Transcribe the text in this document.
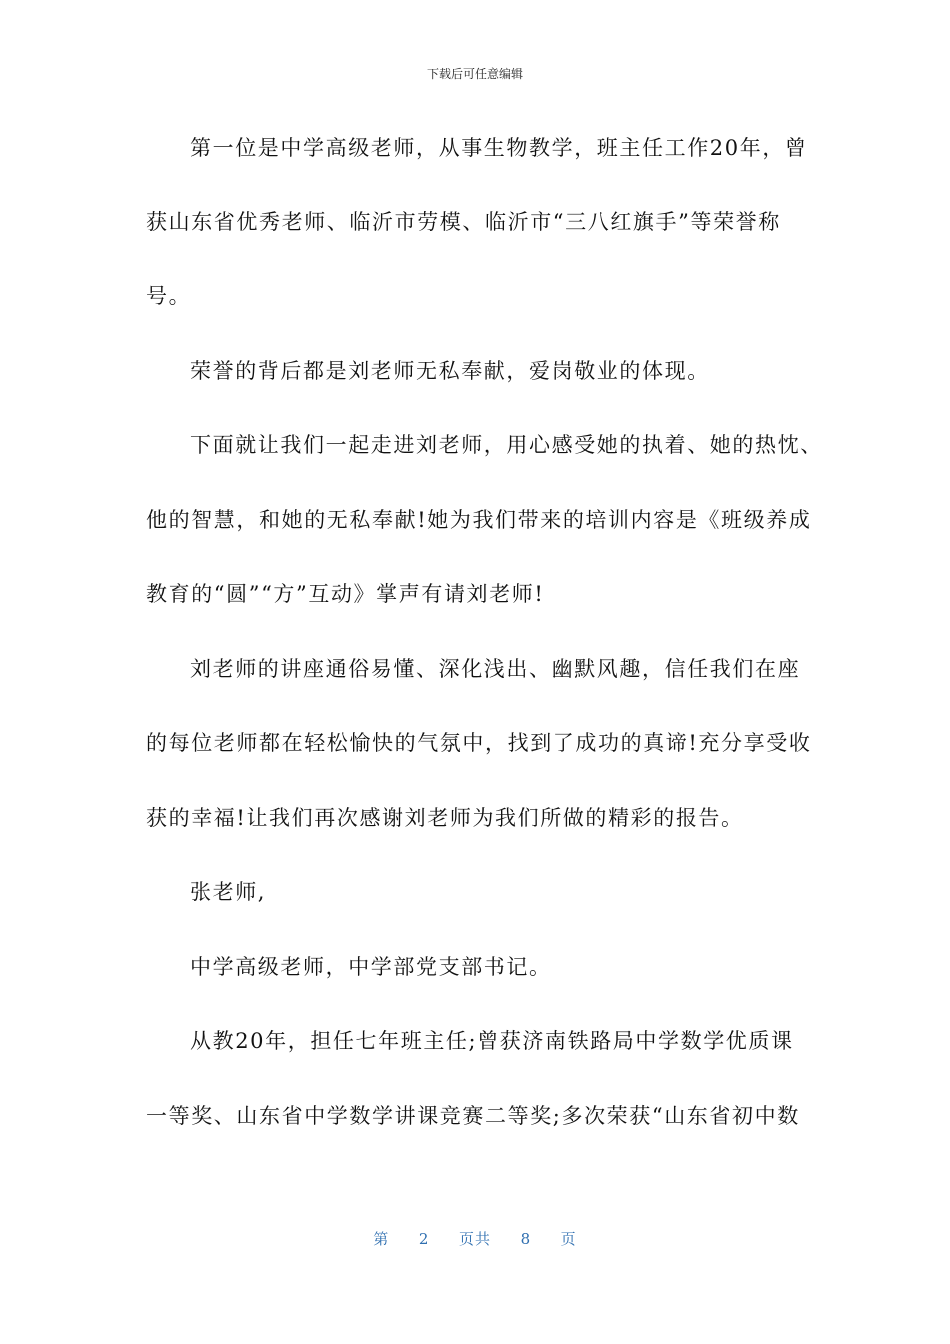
下载后可任意编辑
第一位是中学高级老师，从事生物教学，班主任工作20年，曾
获山东省优秀老师、临沂市劳模、临沂市“三八红旗手”等荣誉称
号。
荣誉的背后都是刘老师无私奉献，爱岗敬业的体现。
下面就让我们一起走进刘老师，用心感受她的执着、她的热忱、
他的智慧，和她的无私奉献!她为我们带来的培训内容是《班级养成
教育的“圆”“方”互动》掌声有请刘老师!
刘老师的讲座通俗易懂、深化浅出、幽默风趣，信任我们在座
的每位老师都在轻松愉快的气氛中，找到了成功的真谛!充分享受收
获的幸福!让我们再次感谢刘老师为我们所做的精彩的报告。
张老师,
中学高级老师，中学部党支部书记。
从教20年，担任七年班主任;曾获济南铁路局中学数学优质课
一等奖、山东省中学数学讲课竞赛二等奖;多次荣获“山东省初中数
第 2 页共 8 页
